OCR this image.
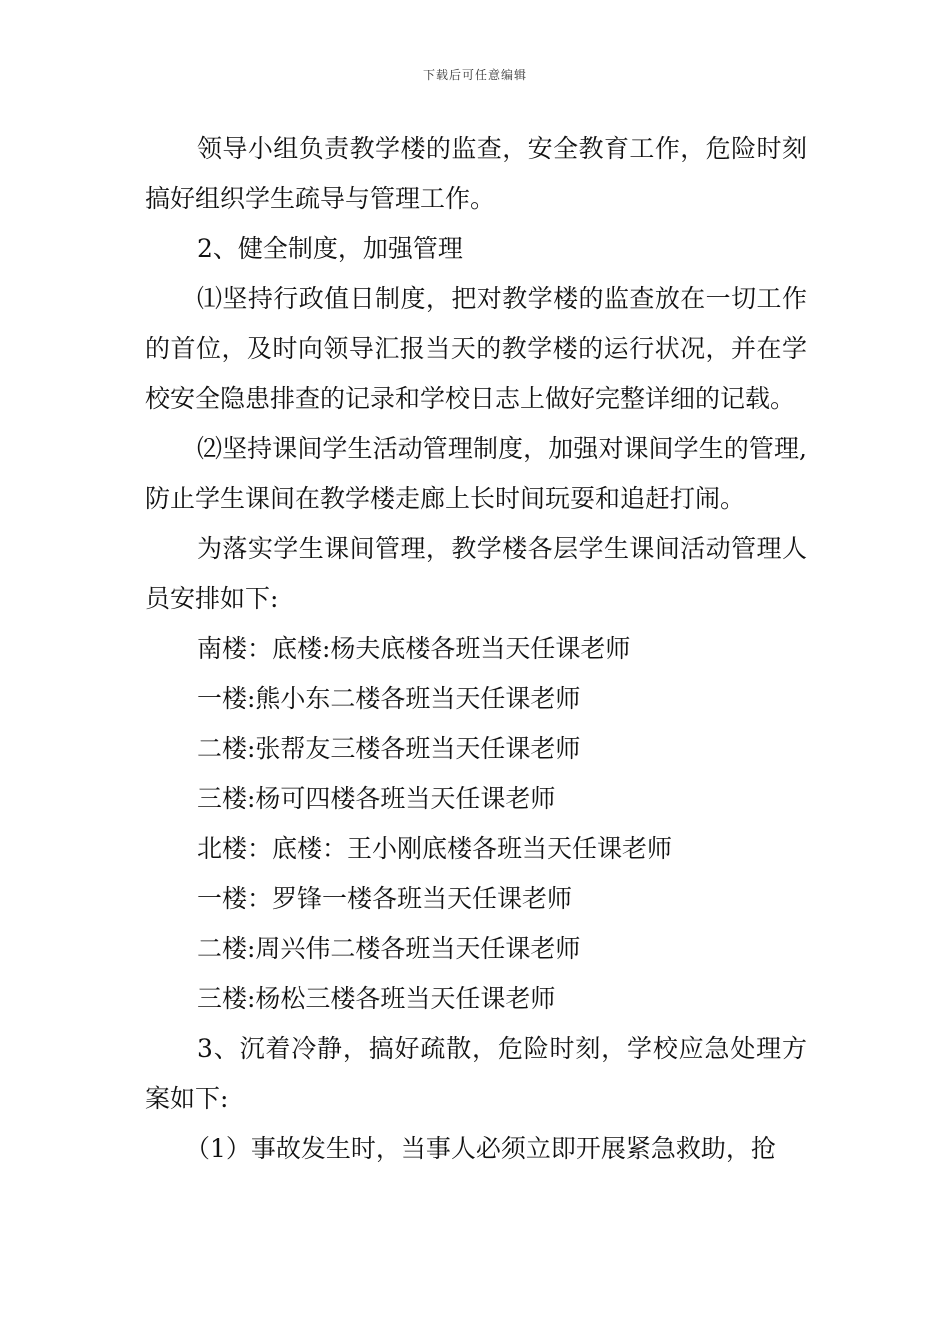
下载后可任意编辑

领导小组负责教学楼的监查，安全教育工作，危险时刻搞好组织学生疏导与管理工作。

2、健全制度，加强管理

⑴坚持行政值日制度，把对教学楼的监查放在一切工作的首位，及时向领导汇报当天的教学楼的运行状况，并在学校安全隐患排查的记录和学校日志上做好完整详细的记载。

⑵坚持课间学生活动管理制度，加强对课间学生的管理,防止学生课间在教学楼走廊上长时间玩耍和追赶打闹。

为落实学生课间管理，教学楼各层学生课间活动管理人员安排如下:

南楼：底楼:杨夫底楼各班当天任课老师

一楼:熊小东二楼各班当天任课老师

二楼:张帮友三楼各班当天任课老师

三楼:杨可四楼各班当天任课老师

北楼：底楼：王小刚底楼各班当天任课老师

一楼：罗锋一楼各班当天任课老师

二楼:周兴伟二楼各班当天任课老师

三楼:杨松三楼各班当天任课老师

3、沉着冷静，搞好疏散，危险时刻，学校应急处理方案如下:

（1）事故发生时，当事人必须立即开展紧急救助，抢
